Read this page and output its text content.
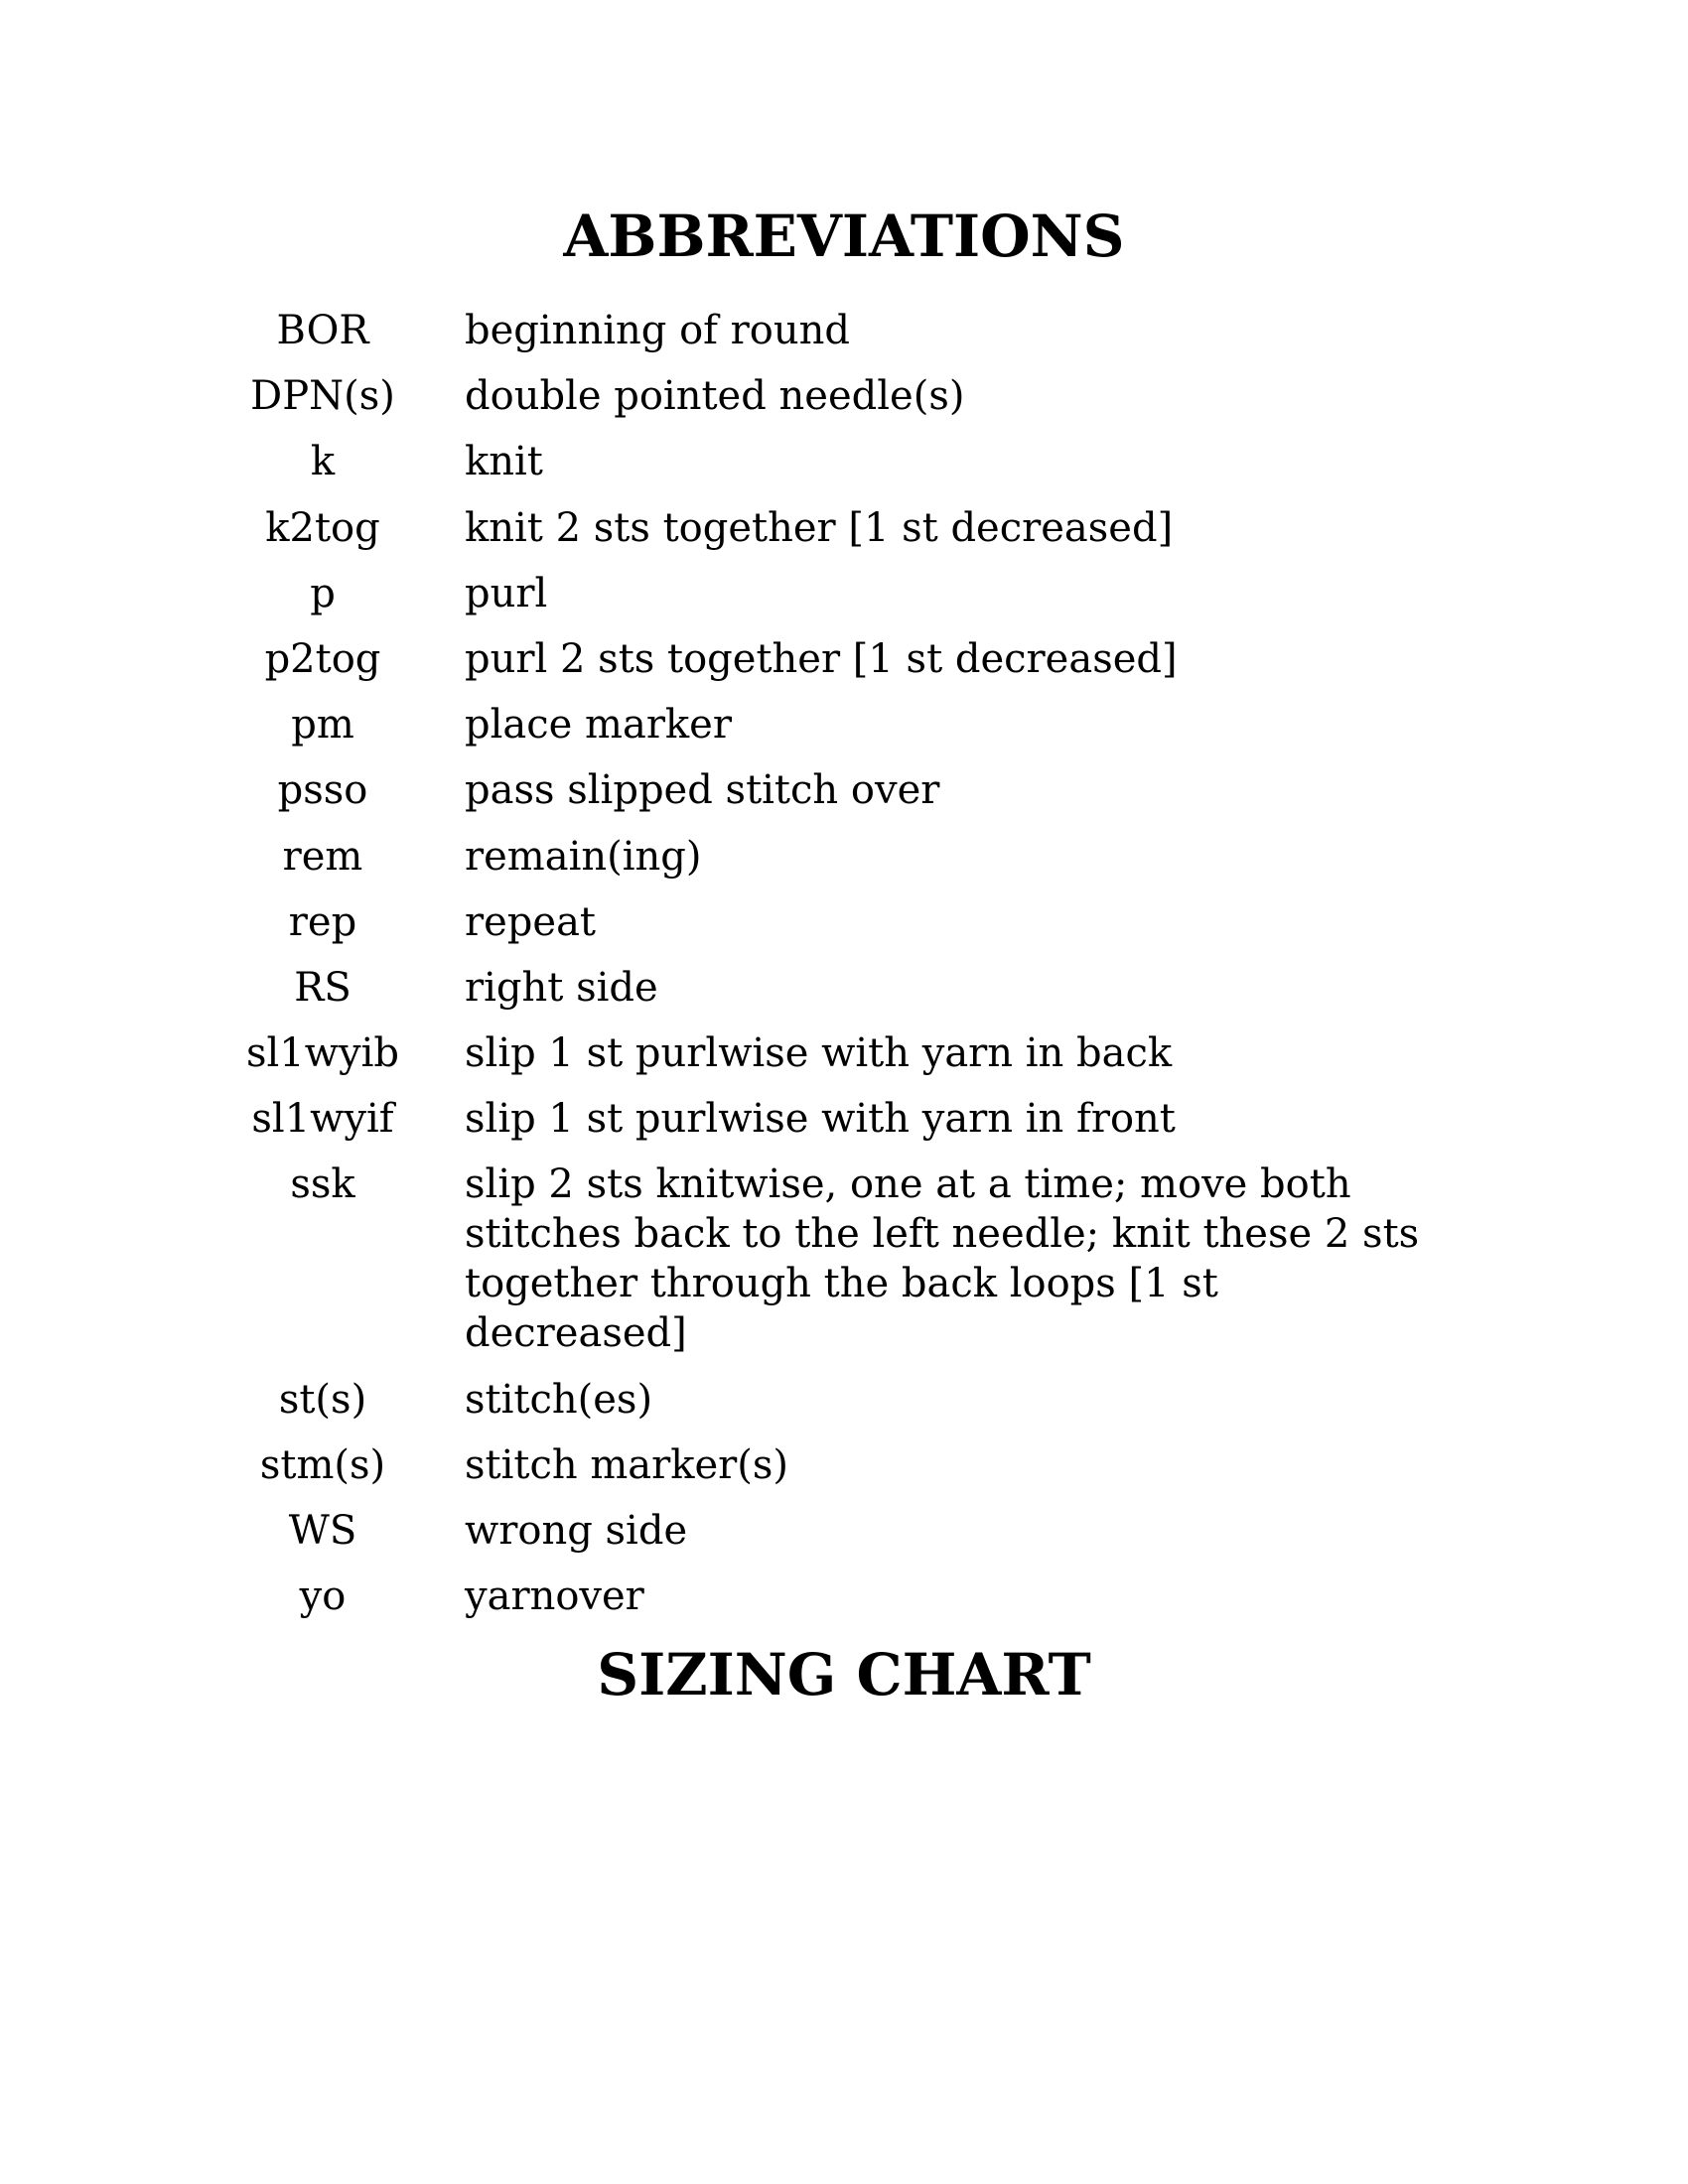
ABBREVIATIONS
BOR	beginning of round
DPN(s)	double pointed needle(s)
k	knit
k2tog	knit 2 sts together [1 st decreased]
p	purl
p2tog	purl 2 sts together [1 st decreased]
pm	place marker
psso	pass slipped stitch over
rem	remain(ing)
rep	repeat
RS	right side
sl1wyib	slip 1 st purlwise with yarn in back
sl1wyif	slip 1 st purlwise with yarn in front
ssk	slip 2 sts knitwise, one at a time; move both stitches back to the left needle; knit these 2 sts together through the back loops [1 st decreased]
st(s)	stitch(es)
stm(s)	stitch marker(s)
WS	wrong side
yo	yarnover
SIZING CHART
